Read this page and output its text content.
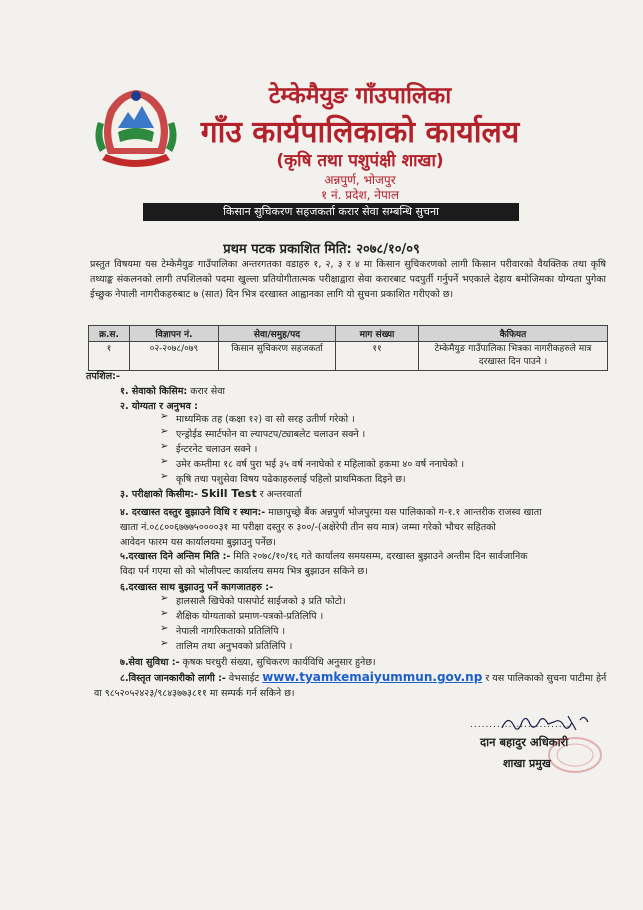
टेम्केमैयुङ गाँउपालिका
गाँउ कार्यपालिकाको कार्यालय
(कृषि तथा पशुपंक्षी शाखा)
अन्नपुर्ण, भोजपुर
१ नं. प्रदेश, नेपाल
किसान सुचिकरण सहजकर्ता करार सेवा सम्बन्धि सुचना
प्रथम पटक प्रकाशित मिति: २०७८/१०/०९
प्रस्तुत विषयमा यस टेम्केमैयुङ गाउँपालिका अन्तरगतका वडाहरु १, २, ३ र ४ मा किसान सुचिकरणको लागी किसान परीवारको वैयक्तिक तथा कृषि तथ्याङ्क संकलनको लागी तपशिलको पदमा खुल्ला प्रतियोगीतात्मक परीक्षाद्वारा सेवा करारबाट पदपुर्ती गर्नुपर्ने भएकाले देहाय बमोजिमका योग्यता पुगेका ईच्छुक नेपाली नागरीकहरुबाट ७ (सात) दिन भित्र दरखास्त आह्वानका लागि यो सुचना प्रकाशित गरीएको छ।
क्र.स.	विज्ञापन नं.	सेवा/समुह/पद	माग संख्या	कैफियत
१	०२-२०७८/०७९	किसान सुचिकरण सहजकर्ता	११	टेम्केमैयुङ गाउँपालिका भित्रका नागरीकहरुले मात्र दरखास्त दिन पाउने ।
तपशिल:-
१. सेवाको किसिम: करार सेवा
२. योग्यता र अनुभव :
➢ माध्यमिक तह (कक्षा १२) वा सो सरह उतीर्ण गरेको ।
➢ एन्ड्रोईड स्मार्टफोन वा ल्यापटप/ट्याबलेट चलाउन सक्ने ।
➢ ईन्टरनेट चलाउन सक्ने ।
➢ उमेर कम्तीमा १८ वर्ष पुरा भई ३५ वर्ष ननाघेको र महिलाको हकमा ४० वर्ष ननाघेको ।
➢ कृषि तथा पशुसेवा विषय पढेकाहरुलाई पहिलो प्राथमिकता दिइने छ।
३. परीक्षाको किसीम:- Skill Test र अन्तरवार्ता
४. दरखास्त दस्तुर बुझाउने विधि र स्थान:- माछापुच्छ्रे बैंक अन्नपुर्ण भोजपुरमा यस पालिकाको ग-१.१ आन्तरीक राजस्व खाता
खाता नं.०८८००६७७७५००००३१ मा परीक्षा दस्तुर रु ३००/-(अक्षेरेपी तीन सय मात्र) जम्मा गरेको भौचर सहितको
आवेदन फारम यस कार्यालयमा बुझाउनु पर्नेछ।
५.दरखास्त दिने अन्तिम मिति :- मिति २०७८/१०/१६ गते कार्यालय समयसम्म, दरखास्त बुझाउने अन्तीम दिन सार्वजानिक
विदा पर्न गएमा सो को भोलीपल्ट कार्यालय समय भित्र बुझाउन सकिने छ।
६.दरखास्त साथ बुझाउनु पर्ने कागजातहरु :-
➢ हालसालै खिचेको पासपोर्ट साईजको ३ प्रति फोटो।
➢ शैक्षिक योग्यताको प्रमाण-पत्रको-प्रतिलिपि ।
➢ नेपाली नागरिकताको प्रतिलिपि ।
➢ तालिम तथा अनुभवको प्रतिलिपि ।
७.सेवा सुविधा :- कृषक घरधुरी संख्या, सुचिकरण कार्यविधि अनुसार हुनेछ।
८.विस्तृत जानकारीको लागी :- वेभसाईट www.tyamkemaiyummun.gov.np र यस पालिकाको सुचना पाटीमा हेर्न
वा ९८५२०५२४२३/९८४३७७३८११ मा सम्पर्क गर्न सकिने छ।
..........................
दान बहादुर अधिकारी
शाखा प्रमुख
